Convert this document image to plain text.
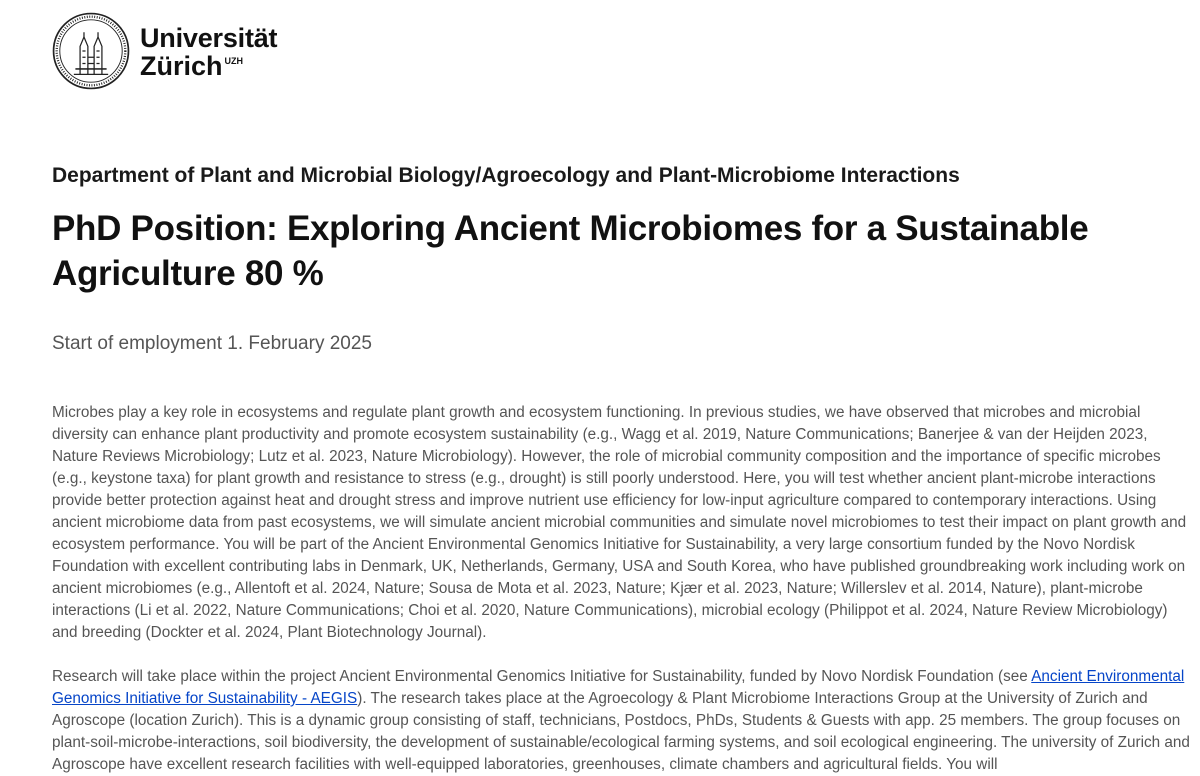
Universität
Zürich $^{UZH}$
Department of Plant and Microbial Biology/Agroecology and Plant-Microbiome Interactions
PhD Position: Exploring Ancient Microbiomes for a Sustainable Agriculture 80 %

Start of employment 1. February 2025

Microbes play a key role in ecosystems and regulate plant growth and ecosystem functioning. In previous studies, we have observed that microbes and microbial diversity can enhance plant productivity and promote ecosystem sustainability (e.g., Wagg et al. 2019, Nature Communications; Banerjee & van der Heijden 2023, Nature Reviews Microbiology; Lutz et al. 2023, Nature Microbiology). However, the role of microbial community composition and the importance of specific microbes (e.g., keystone taxa) for plant growth and resistance to stress (e.g., drought) is still poorly understood. Here, you will test whether ancient plant-microbe interactions provide better protection against heat and drought stress and improve nutrient use efficiency for low-input agriculture compared to contemporary interactions. Using ancient microbiome data from past ecosystems, we will simulate ancient microbial communities and simulate novel microbiomes to test their impact on plant growth and ecosystem performance. You will be part of the Ancient Environmental Genomics Initiative for Sustainability, a very large consortium funded by the Novo Nordisk Foundation with excellent contributing labs in Denmark, UK, Netherlands, Germany, USA and South Korea, who have published groundbreaking work including work on ancient microbiomes (e.g., Allentoft et al. 2024, Nature; Sousa de Mota et al. 2023, Nature; Kjær et al. 2023, Nature; Willerslev et al. 2014, Nature), plant-microbe interactions (Li et al. 2022, Nature Communications; Choi et al. 2020, Nature Communications), microbial ecology (Philippot et al. 2024, Nature Review Microbiology) and breeding (Dockter et al. 2024, Plant Biotechnology Journal).

Research will take place within the project Ancient Environmental Genomics Initiative for Sustainability, funded by Novo Nordisk Foundation (see Ancient Environmental Genomics Initiative for Sustainability - AEGIS). The research takes place at the Agroecology & Plant Microbiome Interactions Group at the University of Zurich and Agroscope (location Zurich). This is a dynamic group consisting of staff, technicians, Postdocs, PhDs, Students & Guests with app. 25 members. The group focuses on plant-soil-microbe-interactions, soil biodiversity, the development of sustainable/ecological farming systems, and soil ecological engineering. The university of Zurich and Agroscope have excellent research facilities with well-equipped laboratories, greenhouses, climate chambers and agricultural fields. You will
